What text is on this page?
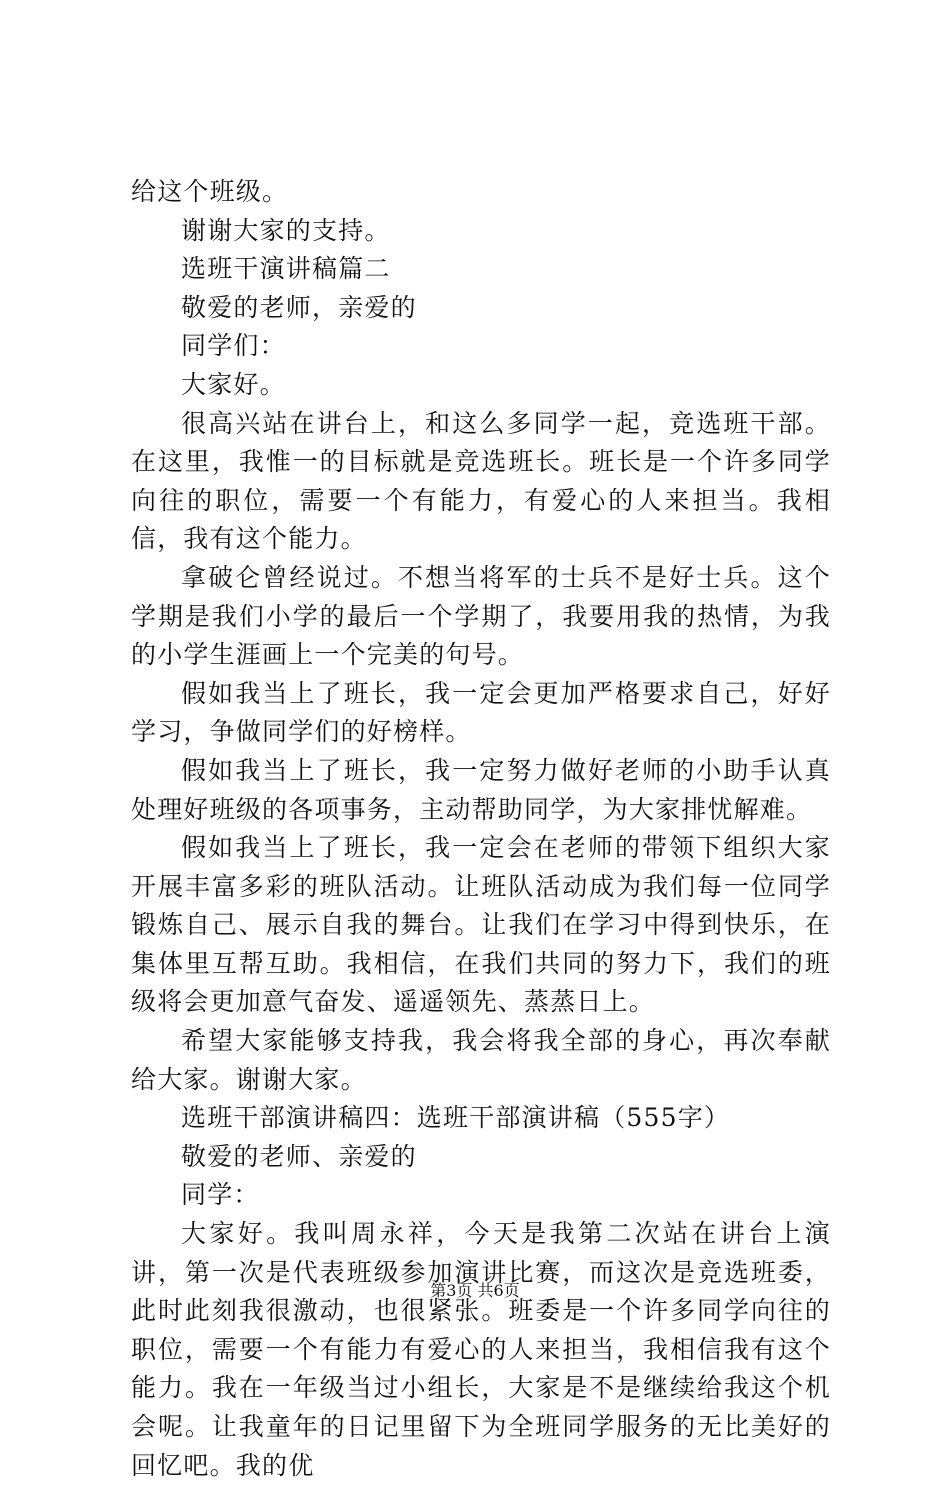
给这个班级。

谢谢大家的支持。

选班干演讲稿篇二

敬爱的老师，亲爱的

同学们：

大家好。

很高兴站在讲台上，和这么多同学一起，竞选班干部。在这里，我惟一的目标就是竞选班长。班长是一个许多同学向往的职位，需要一个有能力，有爱心的人来担当。我相信，我有这个能力。

拿破仑曾经说过。不想当将军的士兵不是好士兵。这个学期是我们小学的最后一个学期了，我要用我的热情，为我的小学生涯画上一个完美的句号。

假如我当上了班长，我一定会更加严格要求自己，好好学习，争做同学们的好榜样。

假如我当上了班长，我一定努力做好老师的小助手认真处理好班级的各项事务，主动帮助同学，为大家排忧解难。

假如我当上了班长，我一定会在老师的带领下组织大家开展丰富多彩的班队活动。让班队活动成为我们每一位同学锻炼自己、展示自我的舞台。让我们在学习中得到快乐，在集体里互帮互助。我相信，在我们共同的努力下，我们的班级将会更加意气奋发、遥遥领先、蒸蒸日上。

希望大家能够支持我，我会将我全部的身心，再次奉献给大家。谢谢大家。

选班干部演讲稿四：选班干部演讲稿（555字）

敬爱的老师、亲爱的

同学：

大家好。我叫周永祥，今天是我第二次站在讲台上演讲，第一次是代表班级参加演讲比赛，而这次是竞选班委，此时此刻我很激动，也很紧张。班委是一个许多同学向往的职位，需要一个有能力有爱心的人来担当，我相信我有这个能力。我在一年级当过小组长，大家是不是继续给我这个机会呢。让我童年的日记里留下为全班同学服务的无比美好的回忆吧。我的优

第3页 共6页
